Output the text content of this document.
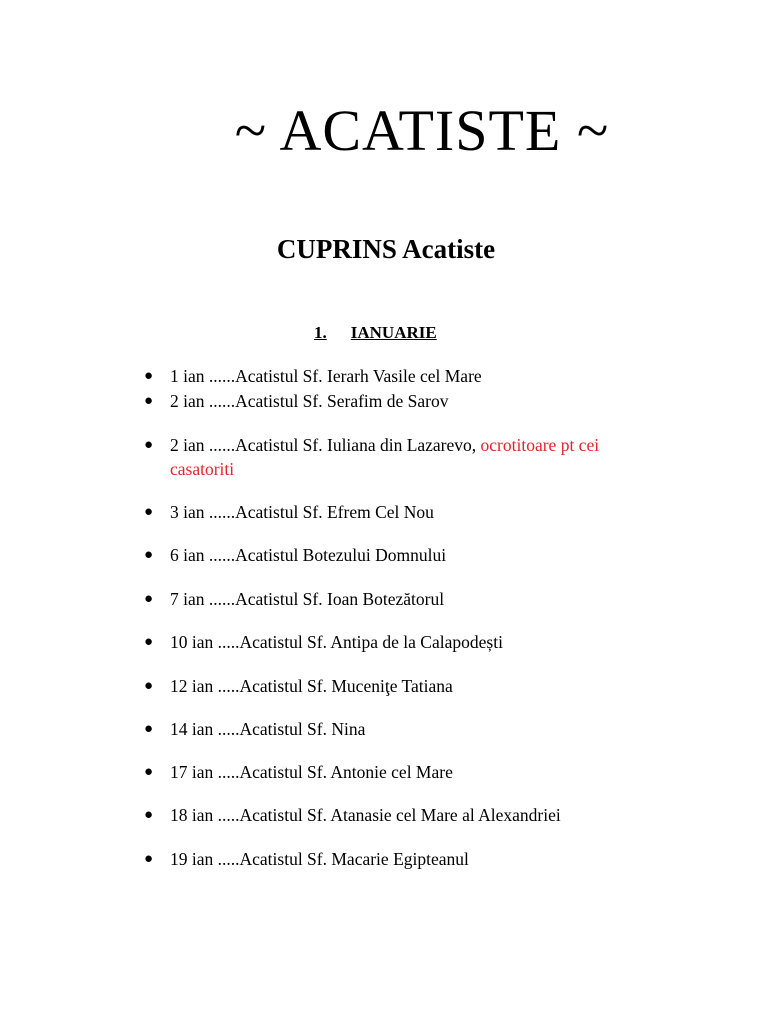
~ ACATISTE ~
CUPRINS Acatiste
1. IANUARIE
● 1 ian ......Acatistul Sf. Ierarh Vasile cel Mare
● 2 ian ......Acatistul Sf. Serafim de Sarov
● 2 ian ......Acatistul Sf. Iuliana din Lazarevo, ocrotitoare pt cei casatoriti
● 3 ian ......Acatistul Sf. Efrem Cel Nou
● 6 ian ......Acatistul Botezului Domnului
● 7 ian ......Acatistul Sf. Ioan Botezătorul
● 10 ian .....Acatistul Sf. Antipa de la Calapodești
● 12 ian .....Acatistul Sf. Muceniţe Tatiana
● 14 ian .....Acatistul Sf. Nina
● 17 ian .....Acatistul Sf. Antonie cel Mare
● 18 ian .....Acatistul Sf. Atanasie cel Mare al Alexandriei
● 19 ian .....Acatistul Sf. Macarie Egipteanul
